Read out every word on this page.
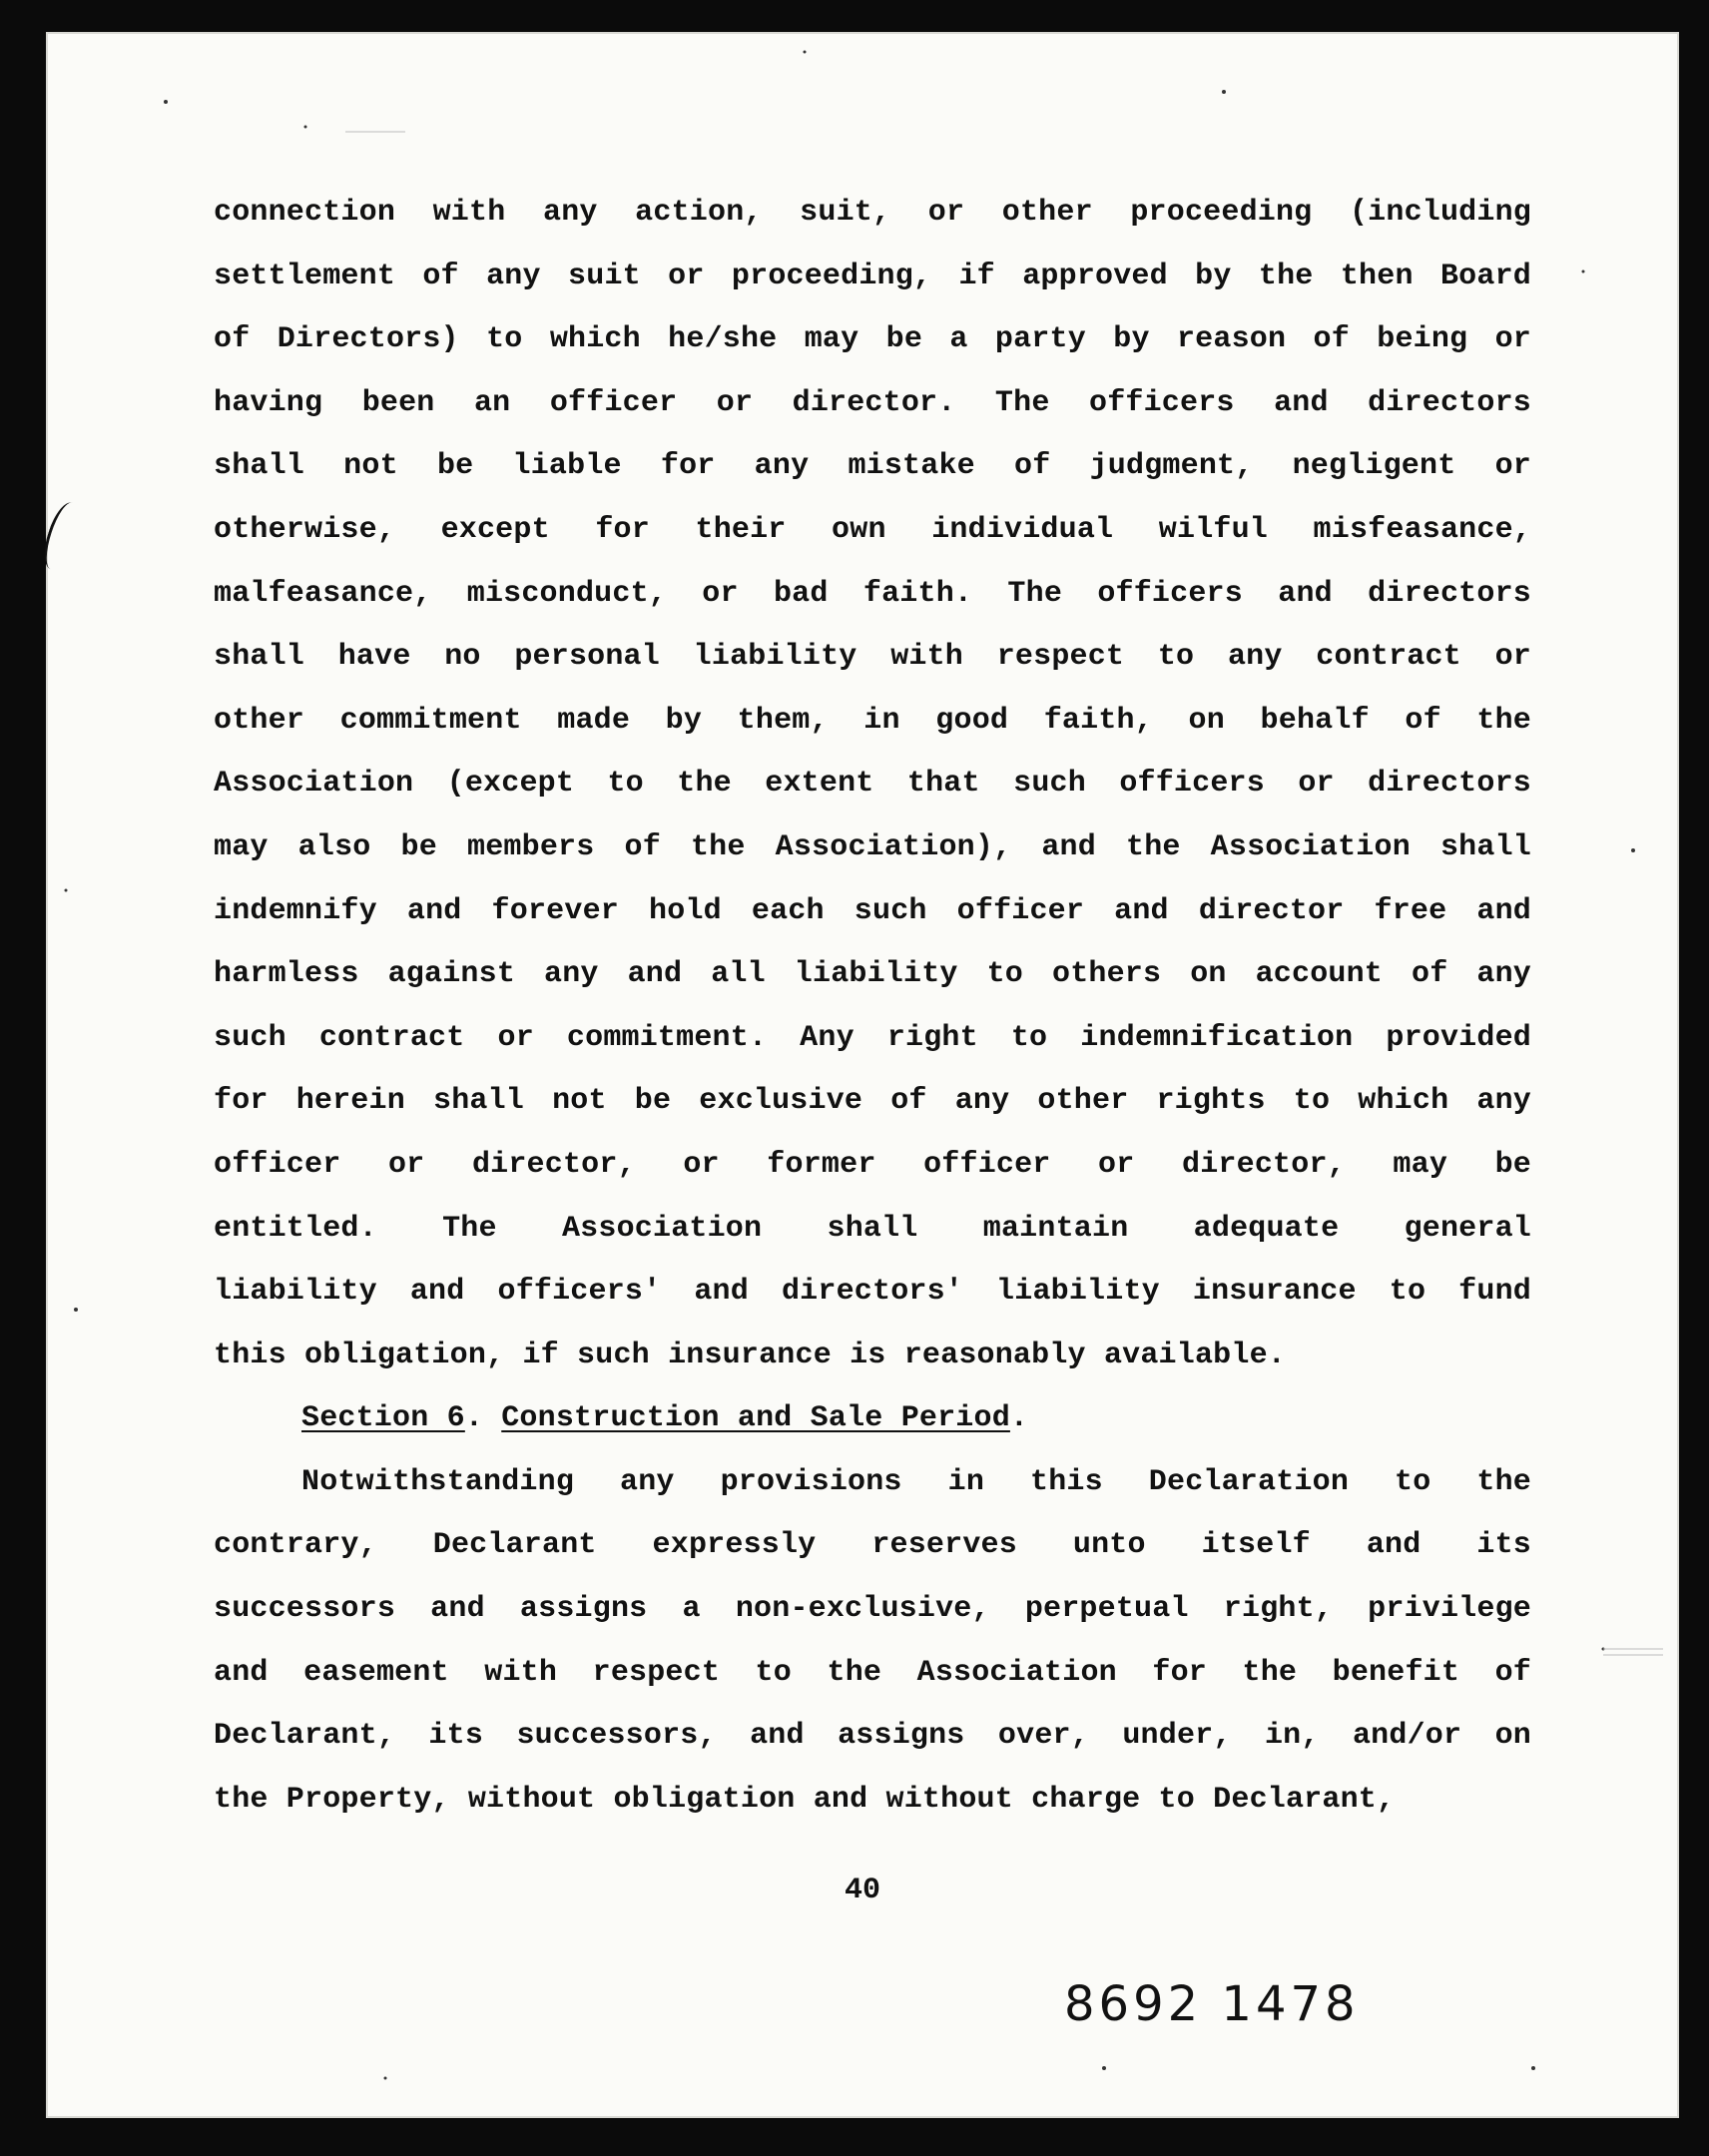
connection with any action, suit, or other proceeding (including
settlement of any suit or proceeding, if approved by the then Board
of Directors) to which he/she may be a party by reason of being or
having been an officer or director. The officers and directors
shall not be liable for any mistake of judgment, negligent or
otherwise, except for their own individual wilful misfeasance,
malfeasance, misconduct, or bad faith. The officers and directors
shall have no personal liability with respect to any contract or
other commitment made by them, in good faith, on behalf of the
Association (except to the extent that such officers or directors
may also be members of the Association), and the Association shall
indemnify and forever hold each such officer and director free and
harmless against any and all liability to others on account of any
such contract or commitment. Any right to indemnification provided
for herein shall not be exclusive of any other rights to which any
officer or director, or former officer or director, may be
entitled. The Association shall maintain adequate general
liability and officers' and directors' liability insurance to fund
this obligation, if such insurance is reasonably available.
Section 6. Construction and Sale Period.
Notwithstanding any provisions in this Declaration to the
contrary, Declarant expressly reserves unto itself and its
successors and assigns a non-exclusive, perpetual right, privilege
and easement with respect to the Association for the benefit of
Declarant, its successors, and assigns over, under, in, and/or on
the Property, without obligation and without charge to Declarant,
40
8692 1478
